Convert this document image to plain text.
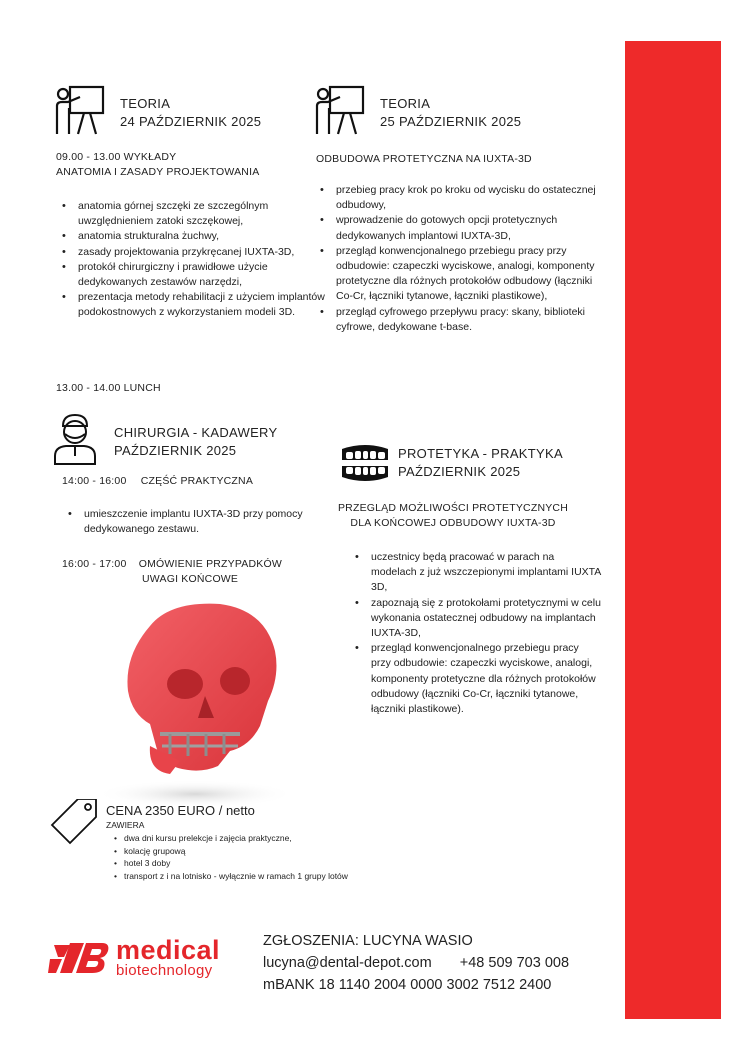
TEORIA
24 PAŹDZIERNIK 2025
09.00 - 13.00 WYKŁADY
ANATOMIA I ZASADY PROJEKTOWANIA
• anatomia górnej szczęki ze szczególnym uwzględnieniem zatoki szczękowej,
• anatomia strukturalna żuchwy,
• zasady projektowania przykręcanej IUXTA-3D,
• protokół chirurgiczny i prawidłowe użycie dedykowanych zestawów narzędzi,
• prezentacja metody rehabilitacji z użyciem implantów podokostnowych z wykorzystaniem modeli 3D.
13.00 - 14.00 LUNCH
CHIRURGIA - KADAWERY
PAŹDZIERNIK 2025
14:00 - 16:00 CZĘŚĆ PRAKTYCZNA
• umieszczenie implantu IUXTA-3D przy pomocy dedykowanego zestawu.
16:00 - 17:00 OMÓWIENIE PRZYPADKÓW
UWAGI KOŃCOWE
CENA 2350 EURO / netto
ZAWIERA
• dwa dni kursu prelekcje i zajęcia praktyczne,
• kolację grupową
• hotel 3 doby
• transport z i na lotnisko - wyłącznie w ramach 1 grupy lotów
TEORIA
25 PAŹDZIERNIK 2025
ODBUDOWA PROTETYCZNA NA IUXTA-3D
• przebieg pracy krok po kroku od wycisku do ostatecznej odbudowy,
• wprowadzenie do gotowych opcji protetycznych dedykowanych implantowi IUXTA-3D,
• przegląd konwencjonalnego przebiegu pracy przy odbudowie: czapeczki wyciskowe, analogi, komponenty protetyczne dla różnych protokołów odbudowy (łączniki Co-Cr, łączniki tytanowe, łączniki plastikowe),
• przegląd cyfrowego przepływu pracy: skany, biblioteki cyfrowe, dedykowane t-base.
PROTETYKA - PRAKTYKA
PAŹDZIERNIK 2025
PRZEGLĄD MOŻLIWOŚCI PROTETYCZNYCH
DLA KOŃCOWEJ ODBUDOWY IUXTA-3D
• uczestnicy będą pracować w parach na modelach z już wszczepionymi implantami IUXTA 3D,
• zapoznają się z protokołami protetycznymi w celu wykonania ostatecznej odbudowy na implantach IUXTA-3D,
• przegląd konwencjonalnego przebiegu pracy przy odbudowie: czapeczki wyciskowe, analogi, komponenty protetyczne dla różnych protokołów odbudowy (łączniki Co-Cr, łączniki tytanowe, łączniki plastikowe).
medical
biotechnology
ZGŁOSZENIA: LUCYNA WASIO
lucyna@dental-depot.com +48 509 703 008
mBANK 18 1140 2004 0000 3002 7512 2400
